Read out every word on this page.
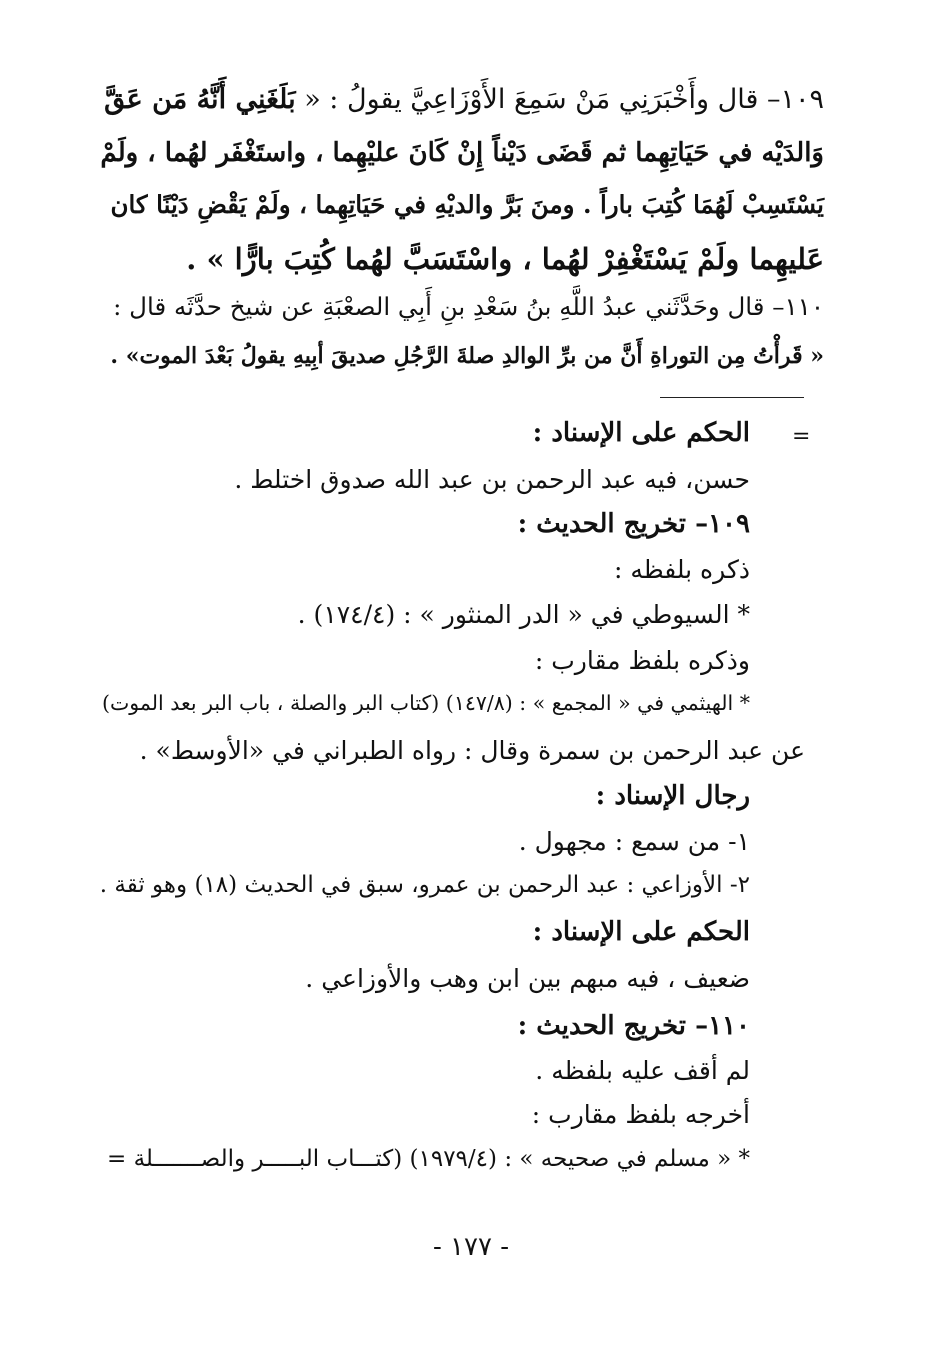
١٠٩– قال وأَخْبَرَنِي مَنْ سَمِعَ الأَوْزَاعِيَّ يقولُ : « بَلَغَنِي أَنَّهُ مَن عَقَّ

وَالدَيْه في حَيَاتِهِما ثم قَضَى دَيْناً إِنْ كَانَ عليْهِما ، واستَغْفَر لهُما ، ولَمْ

يَسْتَسِبْ لَهُمَا كُتِبَ باراً . ومنَ بَرَّ والديْهِ في حَيَاتِهِما ، ولَمْ يَقْضِ دَيْنًا كان

عَليهِما ولَمْ يَسْتَغْفِرْ لهُما ، واسْتَسَبَّ لهُما كُتِبَ بارًّا » .

١١٠– قال وحَدَّثَني عبدُ اللَّهِ بنُ سَعْدِ بنِ أَبِي الصعْبَةِ عن شيخ حدَّثَه قال :

« قَرأْتُ مِن التوراةِ أَنَّ من برِّ الوالدِ صلةَ الرَّجُلِ صديقَ أبِيهِ يقولُ بَعْدَ الموت» .

=

الحكم على الإسناد :

حسن، فيه عبد الرحمن بن عبد الله صدوق اختلط .

١٠٩– تخريج الحديث :

ذكره بلفظه :

* السيوطي في « الدر المنثور » : (١٧٤/٤) .

وذكره بلفظ مقارب :

* الهيثمي في « المجمع » : (١٤٧/٨) (كتاب البر والصلة ، باب البر بعد الموت)

عن عبد الرحمن بن سمرة وقال : رواه الطبراني في «الأوسط» .

رجال الإسناد :

١- من سمع : مجهول .

٢- الأوزاعي : عبد الرحمن بن عمرو، سبق في الحديث (١٨) وهو ثقة .

الحكم على الإسناد :

ضعيف ، فيه مبهم بين ابن وهب والأوزاعي .

١١٠– تخريج الحديث :

لم أقف عليه بلفظه .

أخرجه بلفظ مقارب :

* « مسلم في صحيحه » : (١٩٧٩/٤) (كتـــاب البـــــر والصـــــــلة =

- ١٧٧ -
